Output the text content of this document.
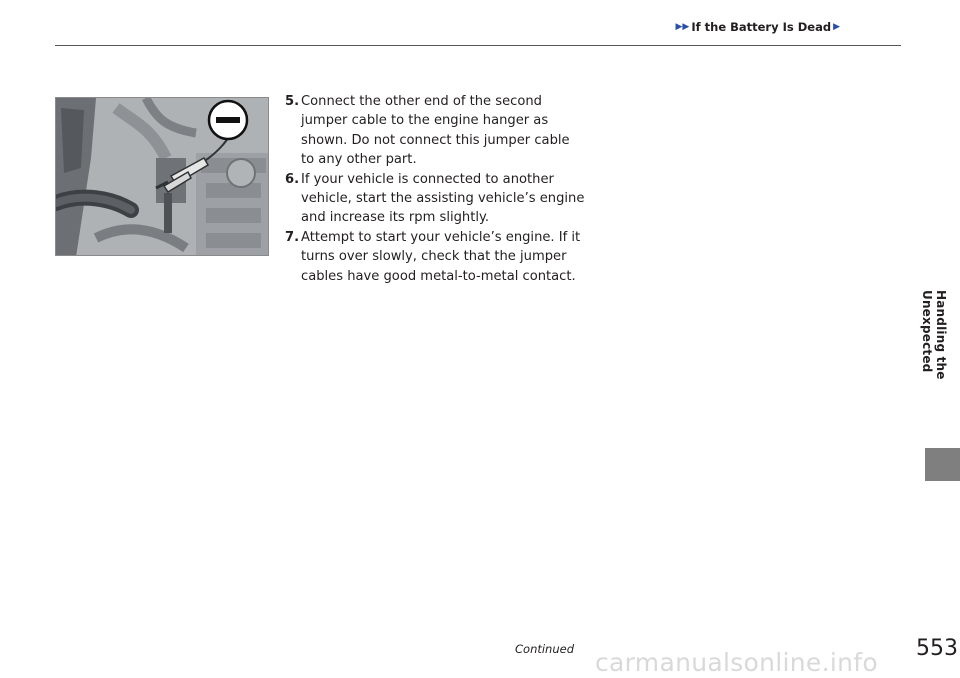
▶▶ If the Battery Is Dead ▶
5. Connect the other end of the second jumper cable to the engine hanger as shown. Do not connect this jumper cable to any other part.
6. If your vehicle is connected to another vehicle, start the assisting vehicle’s engine and increase its rpm slightly.
7. Attempt to start your vehicle’s engine. If it turns over slowly, check that the jumper cables have good metal-to-metal contact.
Handling the Unexpected
Continued	553
carmanualsonline.info
